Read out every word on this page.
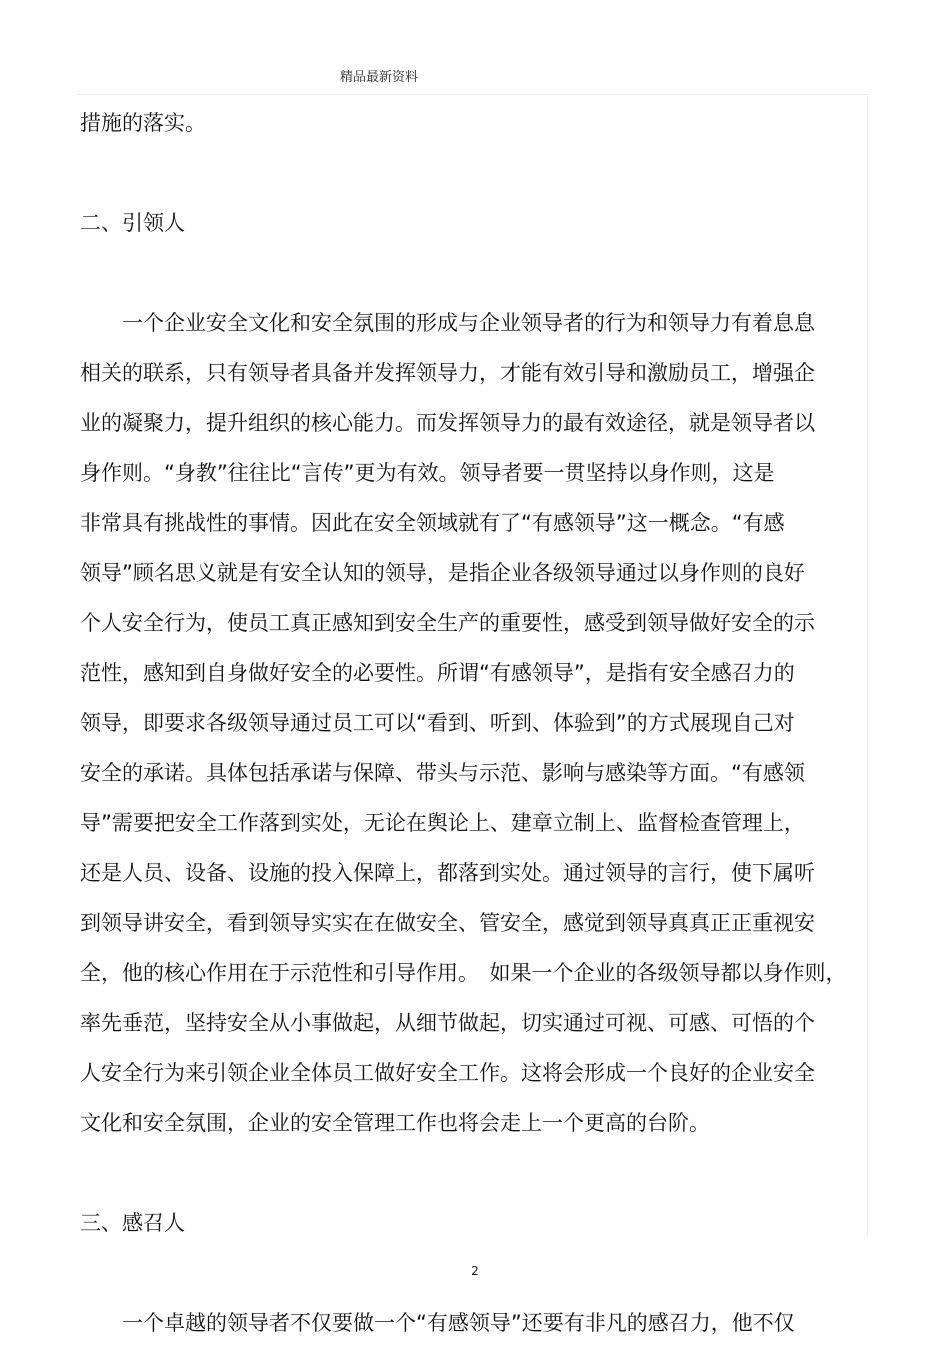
精品最新资料
措施的落实。
二、引领人
一个企业安全文化和安全氛围的形成与企业领导者的行为和领导力有着息息
相关的联系，只有领导者具备并发挥领导力，才能有效引导和激励员工，增强企
业的凝聚力，提升组织的核心能力。而发挥领导力的最有效途径，就是领导者以
身作则。“身教”往往比“言传”更为有效。领导者要一贯坚持以身作则，这是
非常具有挑战性的事情。因此在安全领域就有了“有感领导”这一概念。“有感
领导”顾名思义就是有安全认知的领导，是指企业各级领导通过以身作则的良好
个人安全行为，使员工真正感知到安全生产的重要性，感受到领导做好安全的示
范性，感知到自身做好安全的必要性。所谓“有感领导”，是指有安全感召力的
领导，即要求各级领导通过员工可以“看到、听到、体验到”的方式展现自己对
安全的承诺。具体包括承诺与保障、带头与示范、影响与感染等方面。“有感领
导”需要把安全工作落到实处，无论在舆论上、建章立制上、监督检查管理上，
还是人员、设备、设施的投入保障上，都落到实处。通过领导的言行，使下属听
到领导讲安全，看到领导实实在在做安全、管安全，感觉到领导真真正正重视安
全，他的核心作用在于示范性和引导作用。　如果一个企业的各级领导都以身作则，
率先垂范，坚持安全从小事做起，从细节做起，切实通过可视、可感、可悟的个
人安全行为来引领企业全体员工做好安全工作。这将会形成一个良好的企业安全
文化和安全氛围，企业的安全管理工作也将会走上一个更高的台阶。
三、感召人
一个卓越的领导者不仅要做一个“有感领导”还要有非凡的感召力，他不仅
2
